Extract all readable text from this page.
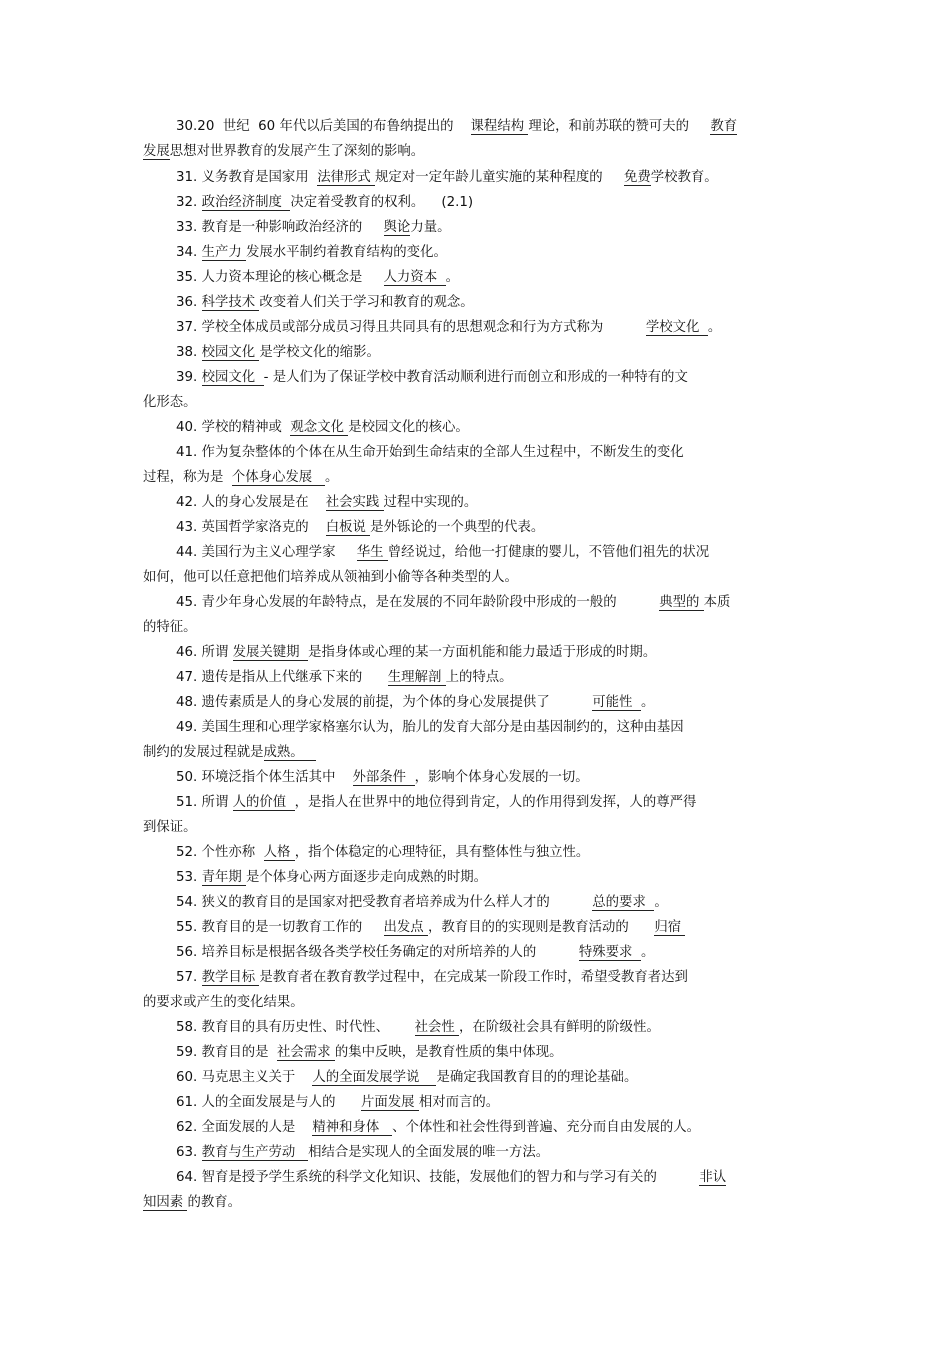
30.20  世纪  60 年代以后美国的布鲁纳提出的    课程结构 理论，和前苏联的赞可夫的     教育
发展思想对世界教育的发展产生了深刻的影响。
31. 义务教育是国家用  法律形式 规定对一定年龄儿童实施的某种程度的     免费学校教育。
32. 政治经济制度  决定着受教育的权利。    (2.1)
33. 教育是一种影响政治经济的     舆论力量。
34. 生产力 发展水平制约着教育结构的变化。
35. 人力资本理论的核心概念是     人力资本  。
36. 科学技术 改变着人们关于学习和教育的观念。
37. 学校全体成员或部分成员习得且共同具有的思想观念和行为方式称为          学校文化  。
38. 校园文化 是学校文化的缩影。
39. 校园文化  - 是人们为了保证学校中教育活动顺利进行而创立和形成的一种特有的文
化形态。
40. 学校的精神或  观念文化 是校园文化的核心。
41. 作为复杂整体的个体在从生命开始到生命结束的全部人生过程中，不断发生的变化
过程，称为是  个体身心发展   。
42. 人的身心发展是在    社会实践 过程中实现的。
43. 英国哲学家洛克的    白板说 是外铄论的一个典型的代表。
44. 美国行为主义心理学家     华生 曾经说过，给他一打健康的婴儿，不管他们祖先的状况
如何，他可以任意把他们培养成从领袖到小偷等各种类型的人。
45. 青少年身心发展的年龄特点，是在发展的不同年龄阶段中形成的一般的          典型的 本质
的特征。
46. 所谓 发展关键期  是指身体或心理的某一方面机能和能力最适于形成的时期。
47. 遗传是指从上代继承下来的      生理解剖 上的特点。
48. 遗传素质是人的身心发展的前提，为个体的身心发展提供了          可能性  。
49. 美国生理和心理学家格塞尔认为，胎儿的发育大部分是由基因制约的，这种由基因
制约的发展过程就是成熟。
50. 环境泛指个体生活其中    外部条件  ，影响个体身心发展的一切。
51. 所谓 人的价值  ，是指人在世界中的地位得到肯定，人的作用得到发挥，人的尊严得
到保证。
52. 个性亦称  人格 ，指个体稳定的心理特征，具有整体性与独立性。
53. 青年期 是个体身心两方面逐步走向成熟的时期。
54. 狭义的教育目的是国家对把受教育者培养成为什么样人才的          总的要求  。
55. 教育目的是一切教育工作的     出发点 ，教育目的的实现则是教育活动的      归宿
56. 培养目标是根据各级各类学校任务确定的对所培养的人的          特殊要求  。
57. 教学目标 是教育者在教育教学过程中，在完成某一阶段工作时，希望受教育者达到
的要求或产生的变化结果。
58. 教育目的具有历史性、时代性、      社会性 ，在阶级社会具有鲜明的阶级性。
59. 教育目的是  社会需求 的集中反映，是教育性质的集中体现。
60. 马克思主义关于    人的全面发展学说    是确定我国教育目的的理论基础。
61. 人的全面发展是与人的      片面发展 相对而言的。
62. 全面发展的人是    精神和身体   、个体性和社会性得到普遍、充分而自由发展的人。
63. 教育与生产劳动   相结合是实现人的全面发展的唯一方法。
64. 智育是授予学生系统的科学文化知识、技能，发展他们的智力和与学习有关的          非认
知因素 的教育。
